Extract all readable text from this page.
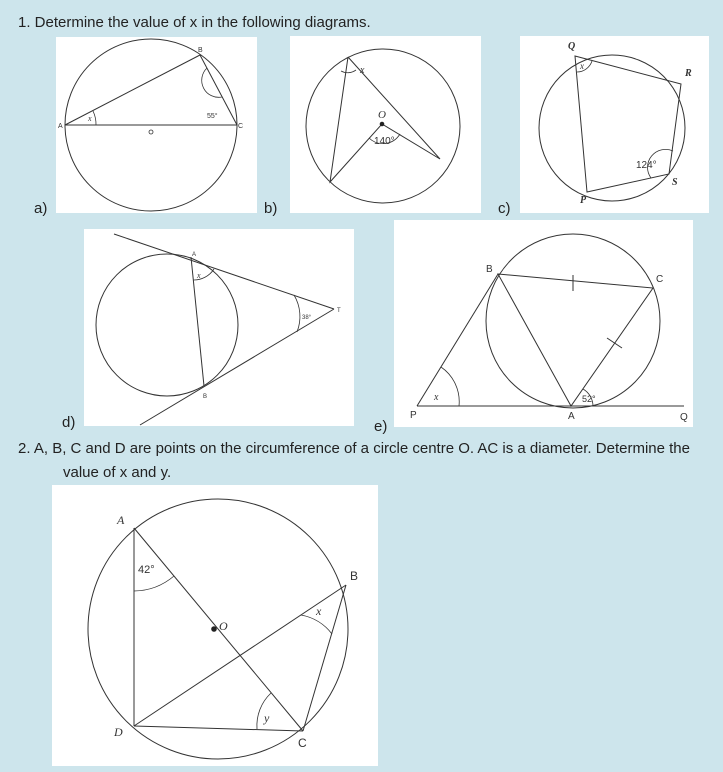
1. Determine the value of x in the following diagrams.
A
B
C
x	55°
a)
O
x
140°
b)
Q
R
P
S
x
124°
c)
A
B
T
x
38°
d)
B
C
A
P	Q
x	52°
e)
2. A, B, C and D are points on the circumference of a circle centre O. AC is a diameter. Determine the
value of x and y.
A
B
C
D
O
x
y
42°
